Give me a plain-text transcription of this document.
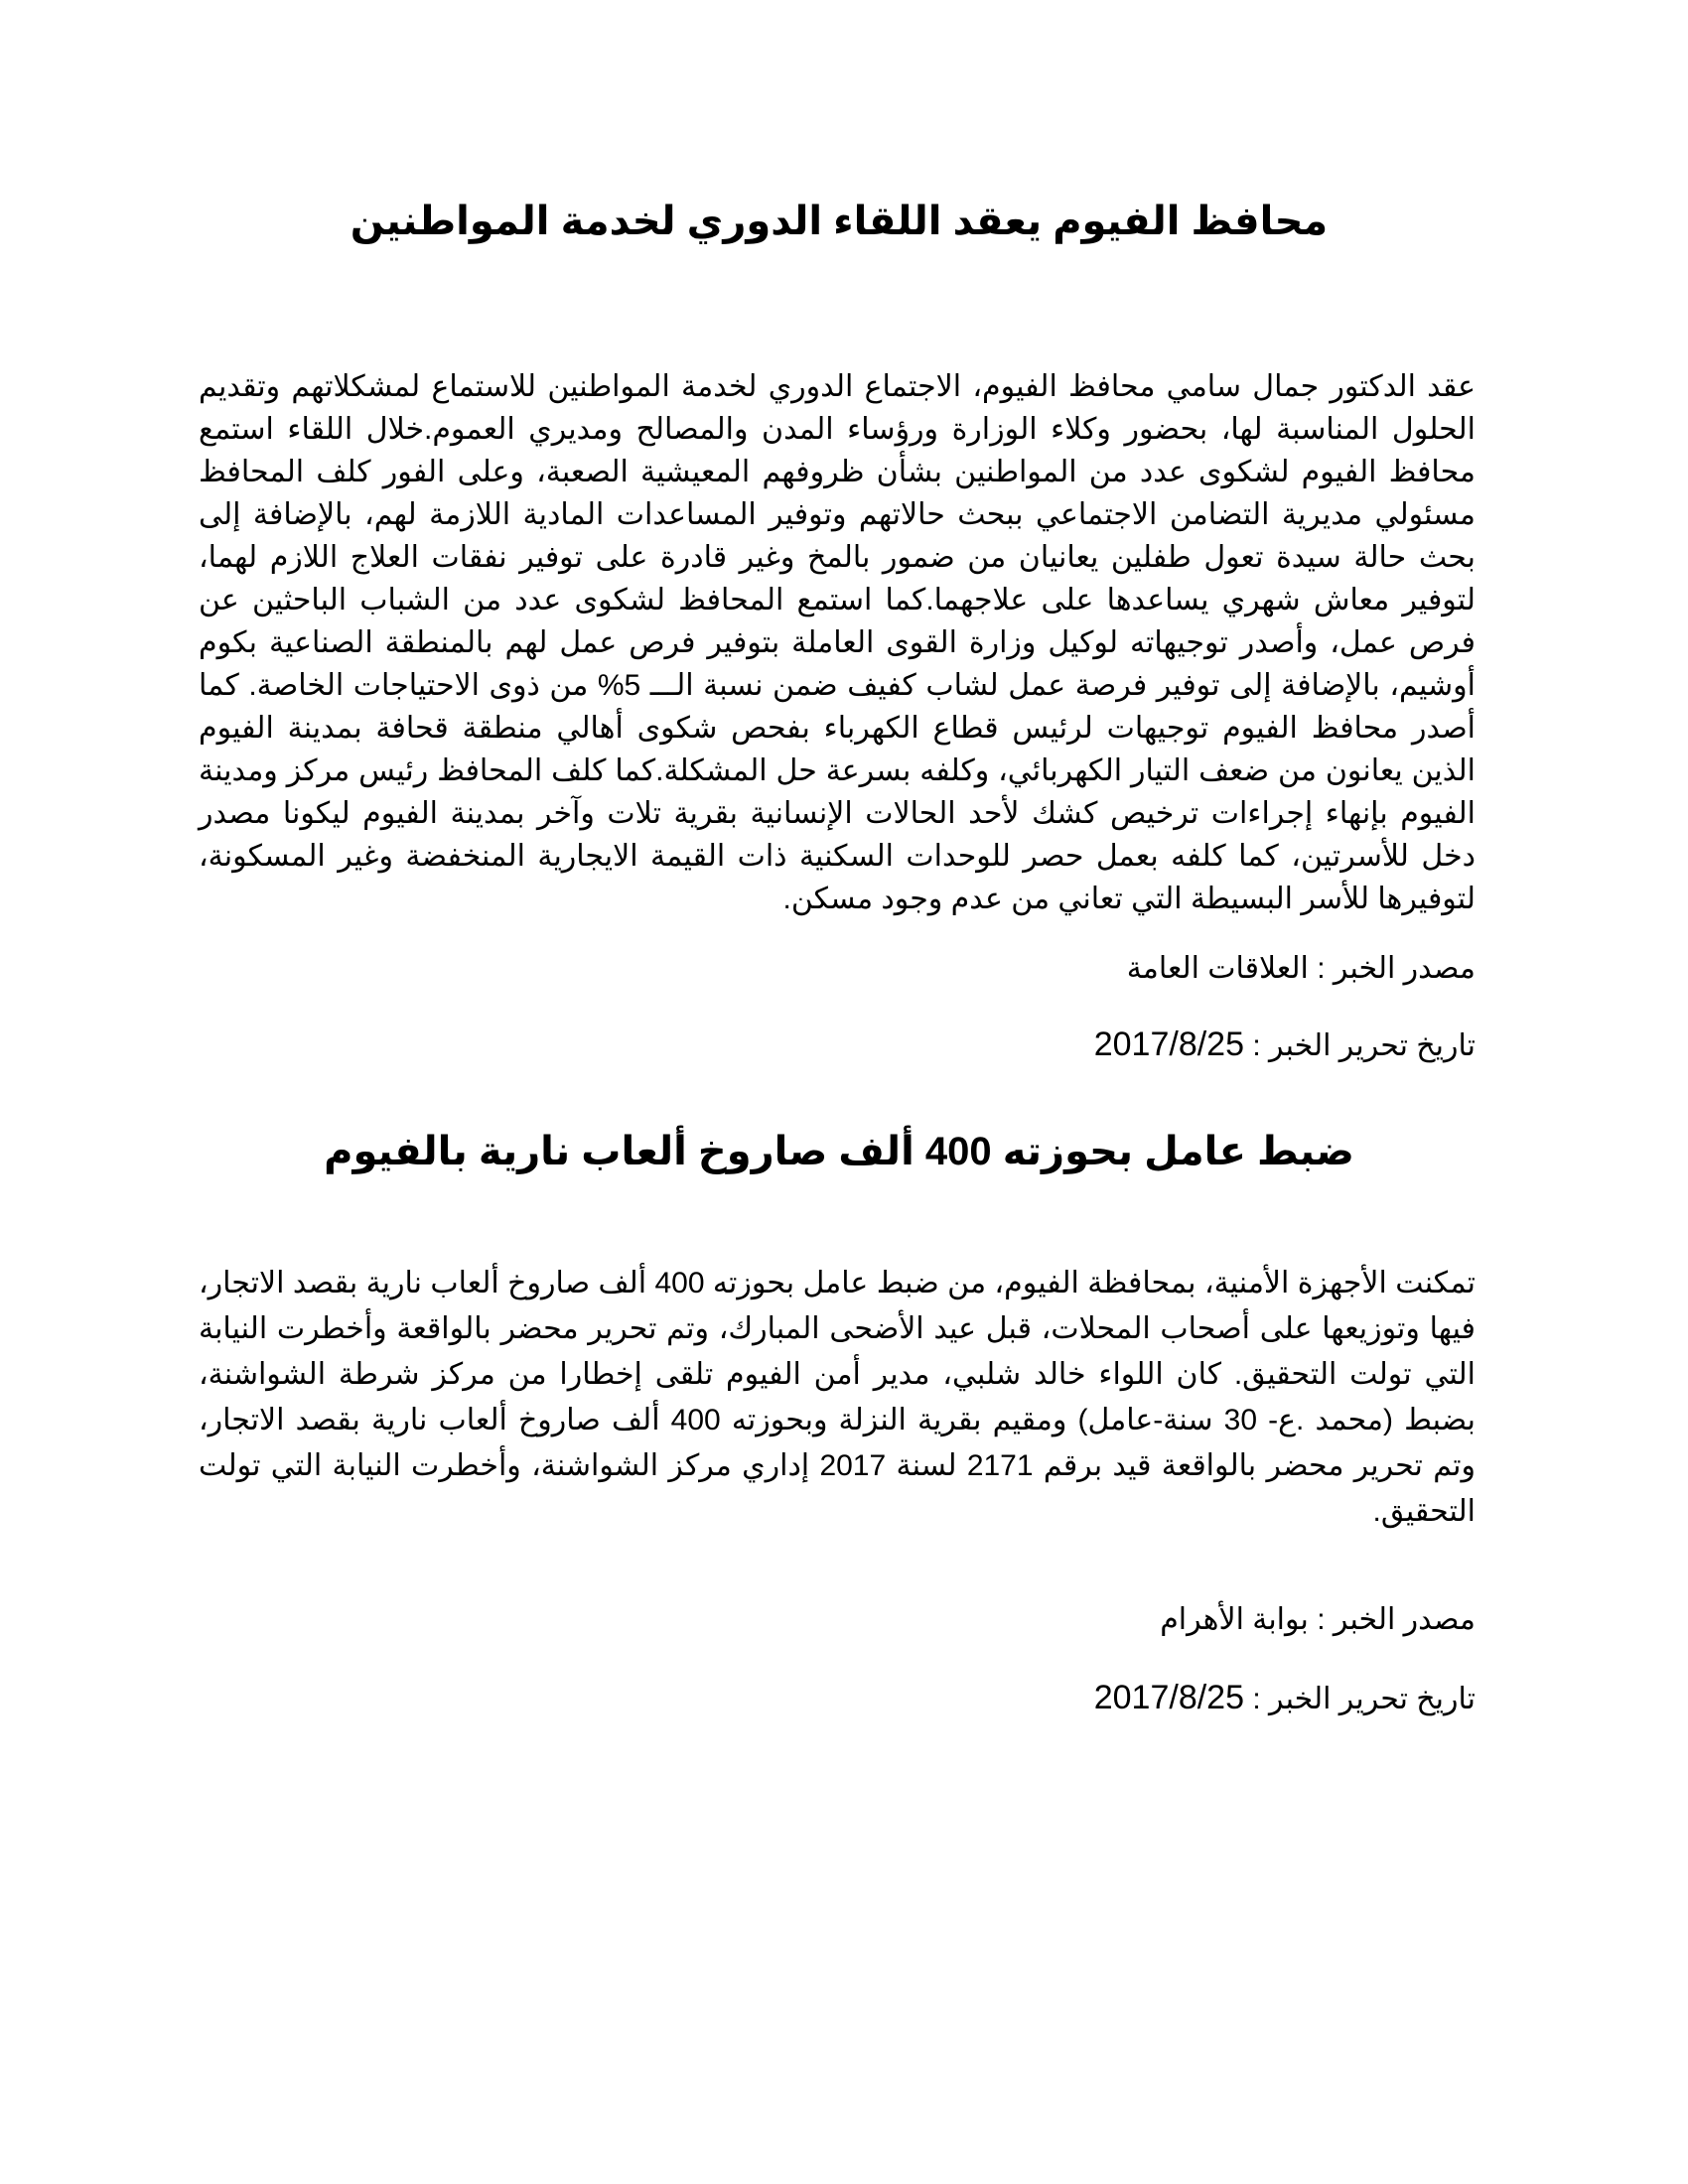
محافظ الفيوم يعقد اللقاء الدوري لخدمة المواطنين

عقد الدكتور جمال سامي محافظ الفيوم، الاجتماع الدوري لخدمة المواطنين للاستماع لمشكلاتهم وتقديم الحلول المناسبة لها، بحضور وكلاء الوزارة ورؤساء المدن والمصالح ومديري العموم.خلال اللقاء استمع محافظ الفيوم لشكوى عدد من المواطنين بشأن ظروفهم المعيشية الصعبة، وعلى الفور كلف المحافظ مسئولي مديرية التضامن الاجتماعي ببحث حالاتهم وتوفير المساعدات المادية اللازمة لهم، بالإضافة إلى بحث حالة سيدة تعول طفلين يعانيان من ضمور بالمخ وغير قادرة على توفير نفقات العلاج اللازم لهما، لتوفير معاش شهري يساعدها على علاجهما.كما استمع المحافظ لشكوى عدد من الشباب الباحثين عن فرص عمل، وأصدر توجيهاته لوكيل وزارة القوى العاملة بتوفير فرص عمل لهم بالمنطقة الصناعية بكوم أوشيم، بالإضافة إلى توفير فرصة عمل لشاب كفيف ضمن نسبة الـــ 5% من ذوى الاحتياجات الخاصة. كما أصدر محافظ الفيوم توجيهات لرئيس قطاع الكهرباء بفحص شكوى أهالي منطقة قحافة بمدينة الفيوم الذين يعانون من ضعف التيار الكهربائي، وكلفه بسرعة حل المشكلة.كما كلف المحافظ رئيس مركز ومدينة الفيوم بإنهاء إجراءات ترخيص كشك لأحد الحالات الإنسانية بقرية تلات وآخر بمدينة الفيوم ليكونا مصدر دخل للأسرتين، كما كلفه بعمل حصر للوحدات السكنية ذات القيمة الايجارية المنخفضة وغير المسكونة، لتوفيرها للأسر البسيطة التي تعاني من عدم وجود مسكن.

مصدر الخبر : العلاقات العامة

تاريخ تحرير الخبر : 2017/8/25

ضبط عامل بحوزته 400 ألف صاروخ ألعاب نارية بالفيوم

تمكنت الأجهزة الأمنية، بمحافظة الفيوم، من ضبط عامل بحوزته 400 ألف صاروخ ألعاب نارية بقصد الاتجار، فيها وتوزيعها على أصحاب المحلات، قبل عيد الأضحى المبارك، وتم تحرير محضر بالواقعة وأخطرت النيابة التي تولت التحقيق. كان اللواء خالد شلبي، مدير أمن الفيوم تلقى إخطارا من مركز شرطة الشواشنة، بضبط (محمد .ع- 30 سنة-عامل) ومقيم بقرية النزلة وبحوزته 400 ألف صاروخ ألعاب نارية بقصد الاتجار، وتم تحرير محضر بالواقعة قيد برقم 2171 لسنة 2017 إداري مركز الشواشنة، وأخطرت النيابة التي تولت التحقيق.

مصدر الخبر : بوابة الأهرام

تاريخ تحرير الخبر : 2017/8/25
